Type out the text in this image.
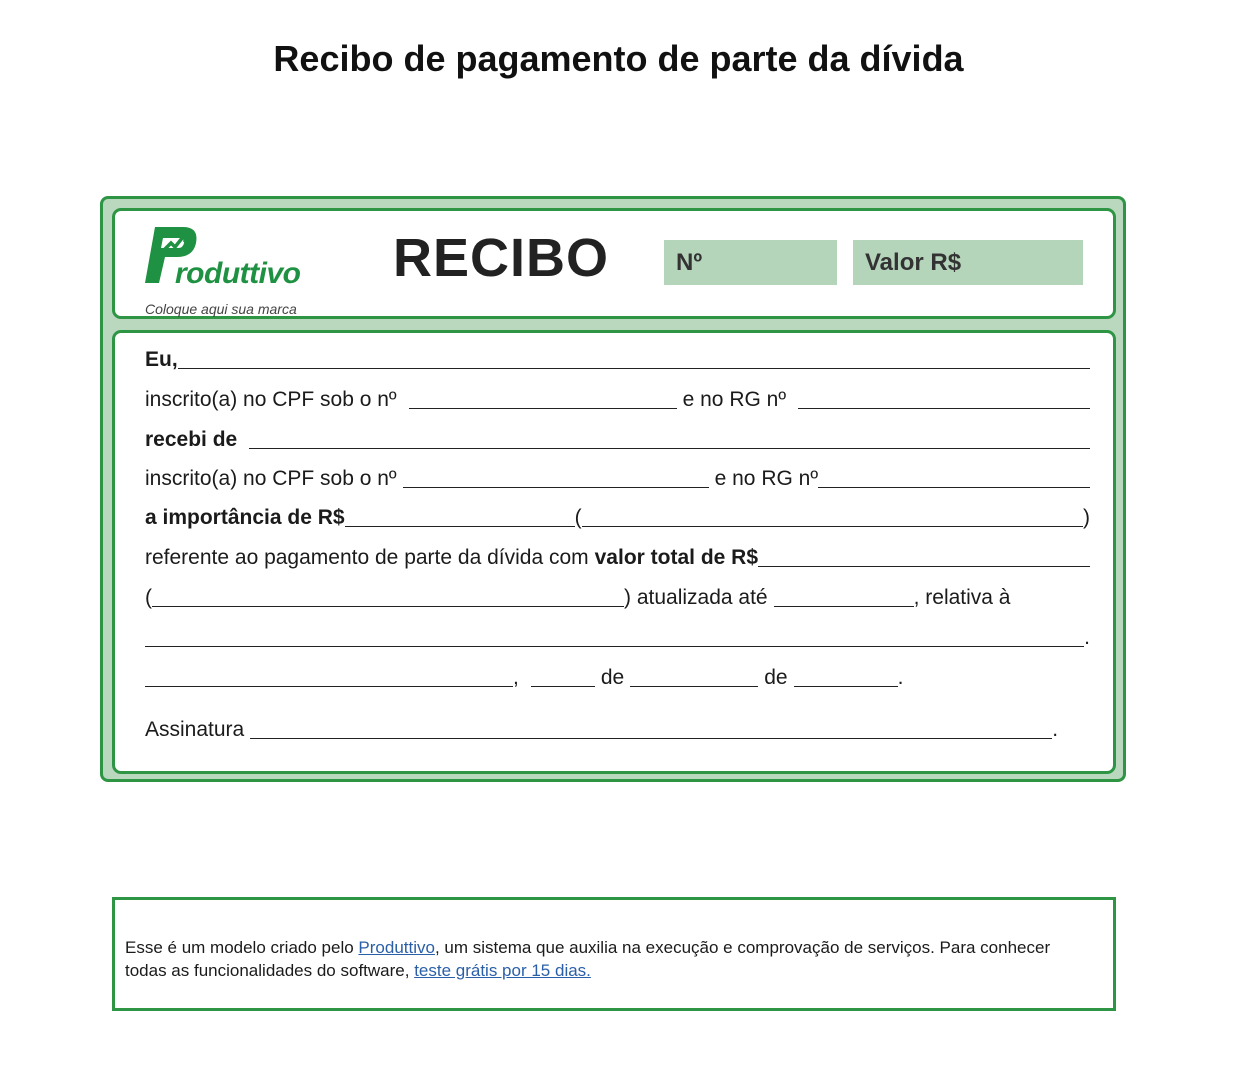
Recibo de pagamento de parte da dívida
roduttivo
Coloque aqui sua marca
RECIBO	Nº	Valor R$
Eu,
inscrito(a) no CPF sob o nº	e no RG nº
recebi de
inscrito(a) no CPF sob o nº	e no RG nº
a importância de R$	(	)
referente ao pagamento de parte da dívida com valor total de R$
(	) atualizada até	, relativa à
.
,	de	de	.
Assinatura	.
Esse é um modelo criado pelo Produttivo, um sistema que auxilia na execução e comprovação de serviços. Para conhecer todas as funcionalidades do software, teste grátis por 15 dias.
